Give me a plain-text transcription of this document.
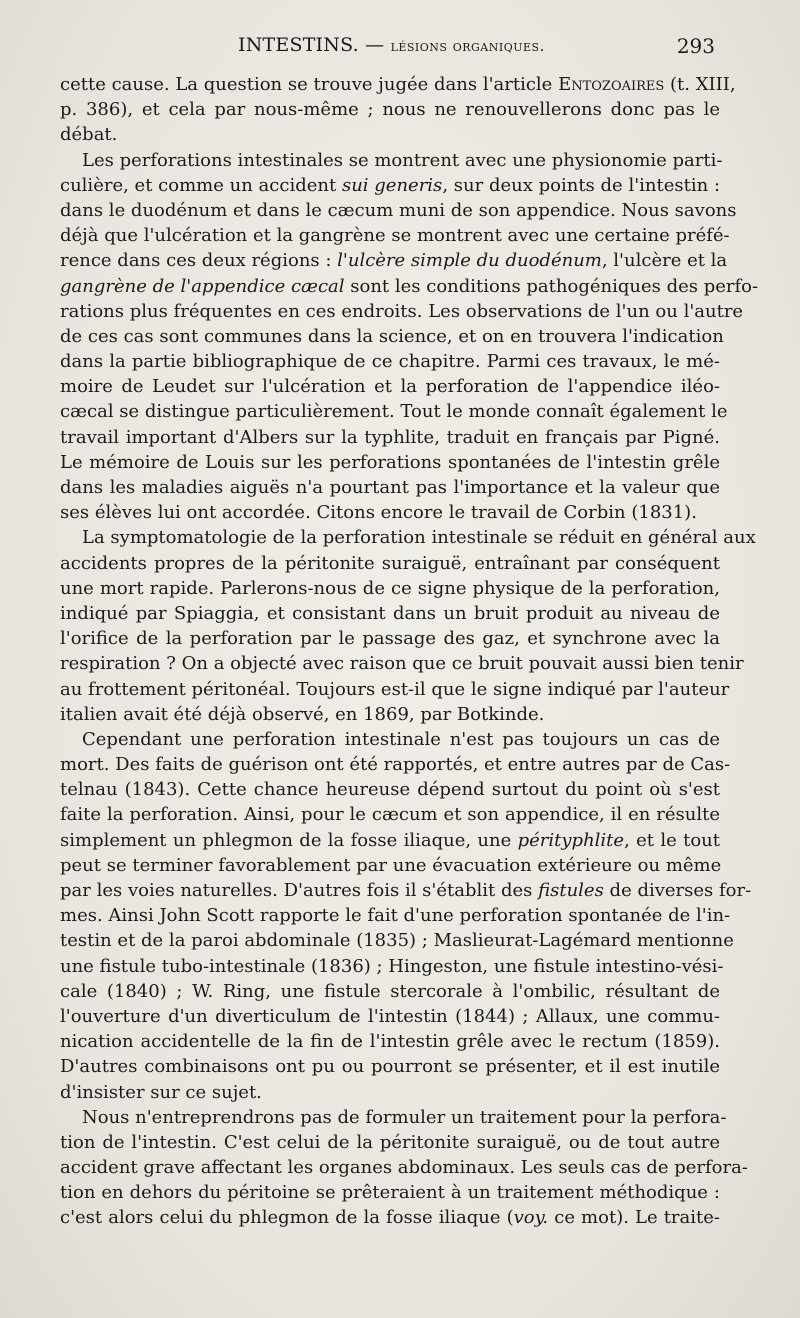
INTESTINS. — lésions organiques.	293
cette cause. La question se trouve jugée dans l'article Entozoaires (t. XIII,
p. 386), et cela par nous-même ; nous ne renouvellerons donc pas le
débat.
Les perforations intestinales se montrent avec une physionomie parti-
culière, et comme un accident sui generis, sur deux points de l'intestin :
dans le duodénum et dans le cæcum muni de son appendice. Nous savons
déjà que l'ulcération et la gangrène se montrent avec une certaine préfé-
rence dans ces deux régions : l'ulcère simple du duodénum, l'ulcère et la
gangrène de l'appendice cæcal sont les conditions pathogéniques des perfo-
rations plus fréquentes en ces endroits. Les observations de l'un ou l'autre
de ces cas sont communes dans la science, et on en trouvera l'indication
dans la partie bibliographique de ce chapitre. Parmi ces travaux, le mé-
moire de Leudet sur l'ulcération et la perforation de l'appendice iléo-
cæcal se distingue particulièrement. Tout le monde connaît également le
travail important d'Albers sur la typhlite, traduit en français par Pigné.
Le mémoire de Louis sur les perforations spontanées de l'intestin grêle
dans les maladies aiguës n'a pourtant pas l'importance et la valeur que
ses élèves lui ont accordée. Citons encore le travail de Corbin (1831).
La symptomatologie de la perforation intestinale se réduit en général aux
accidents propres de la péritonite suraiguë, entraînant par conséquent
une mort rapide. Parlerons-nous de ce signe physique de la perforation,
indiqué par Spiaggia, et consistant dans un bruit produit au niveau de
l'orifice de la perforation par le passage des gaz, et synchrone avec la
respiration ? On a objecté avec raison que ce bruit pouvait aussi bien tenir
au frottement péritonéal. Toujours est-il que le signe indiqué par l'auteur
italien avait été déjà observé, en 1869, par Botkinde.
Cependant une perforation intestinale n'est pas toujours un cas de
mort. Des faits de guérison ont été rapportés, et entre autres par de Cas-
telnau (1843). Cette chance heureuse dépend surtout du point où s'est
faite la perforation. Ainsi, pour le cæcum et son appendice, il en résulte
simplement un phlegmon de la fosse iliaque, une pérityphlite, et le tout
peut se terminer favorablement par une évacuation extérieure ou même
par les voies naturelles. D'autres fois il s'établit des fistules de diverses for-
mes. Ainsi John Scott rapporte le fait d'une perforation spontanée de l'in-
testin et de la paroi abdominale (1835) ; Maslieurat-Lagémard mentionne
une fistule tubo-intestinale (1836) ; Hingeston, une fistule intestino-vési-
cale (1840) ; W. Ring, une fistule stercorale à l'ombilic, résultant de
l'ouverture d'un diverticulum de l'intestin (1844) ; Allaux, une commu-
nication accidentelle de la fin de l'intestin grêle avec le rectum (1859).
D'autres combinaisons ont pu ou pourront se présenter, et il est inutile
d'insister sur ce sujet.
Nous n'entreprendrons pas de formuler un traitement pour la perfora-
tion de l'intestin. C'est celui de la péritonite suraiguë, ou de tout autre
accident grave affectant les organes abdominaux. Les seuls cas de perfora-
tion en dehors du péritoine se prêteraient à un traitement méthodique :
c'est alors celui du phlegmon de la fosse iliaque (voy. ce mot). Le traite-
